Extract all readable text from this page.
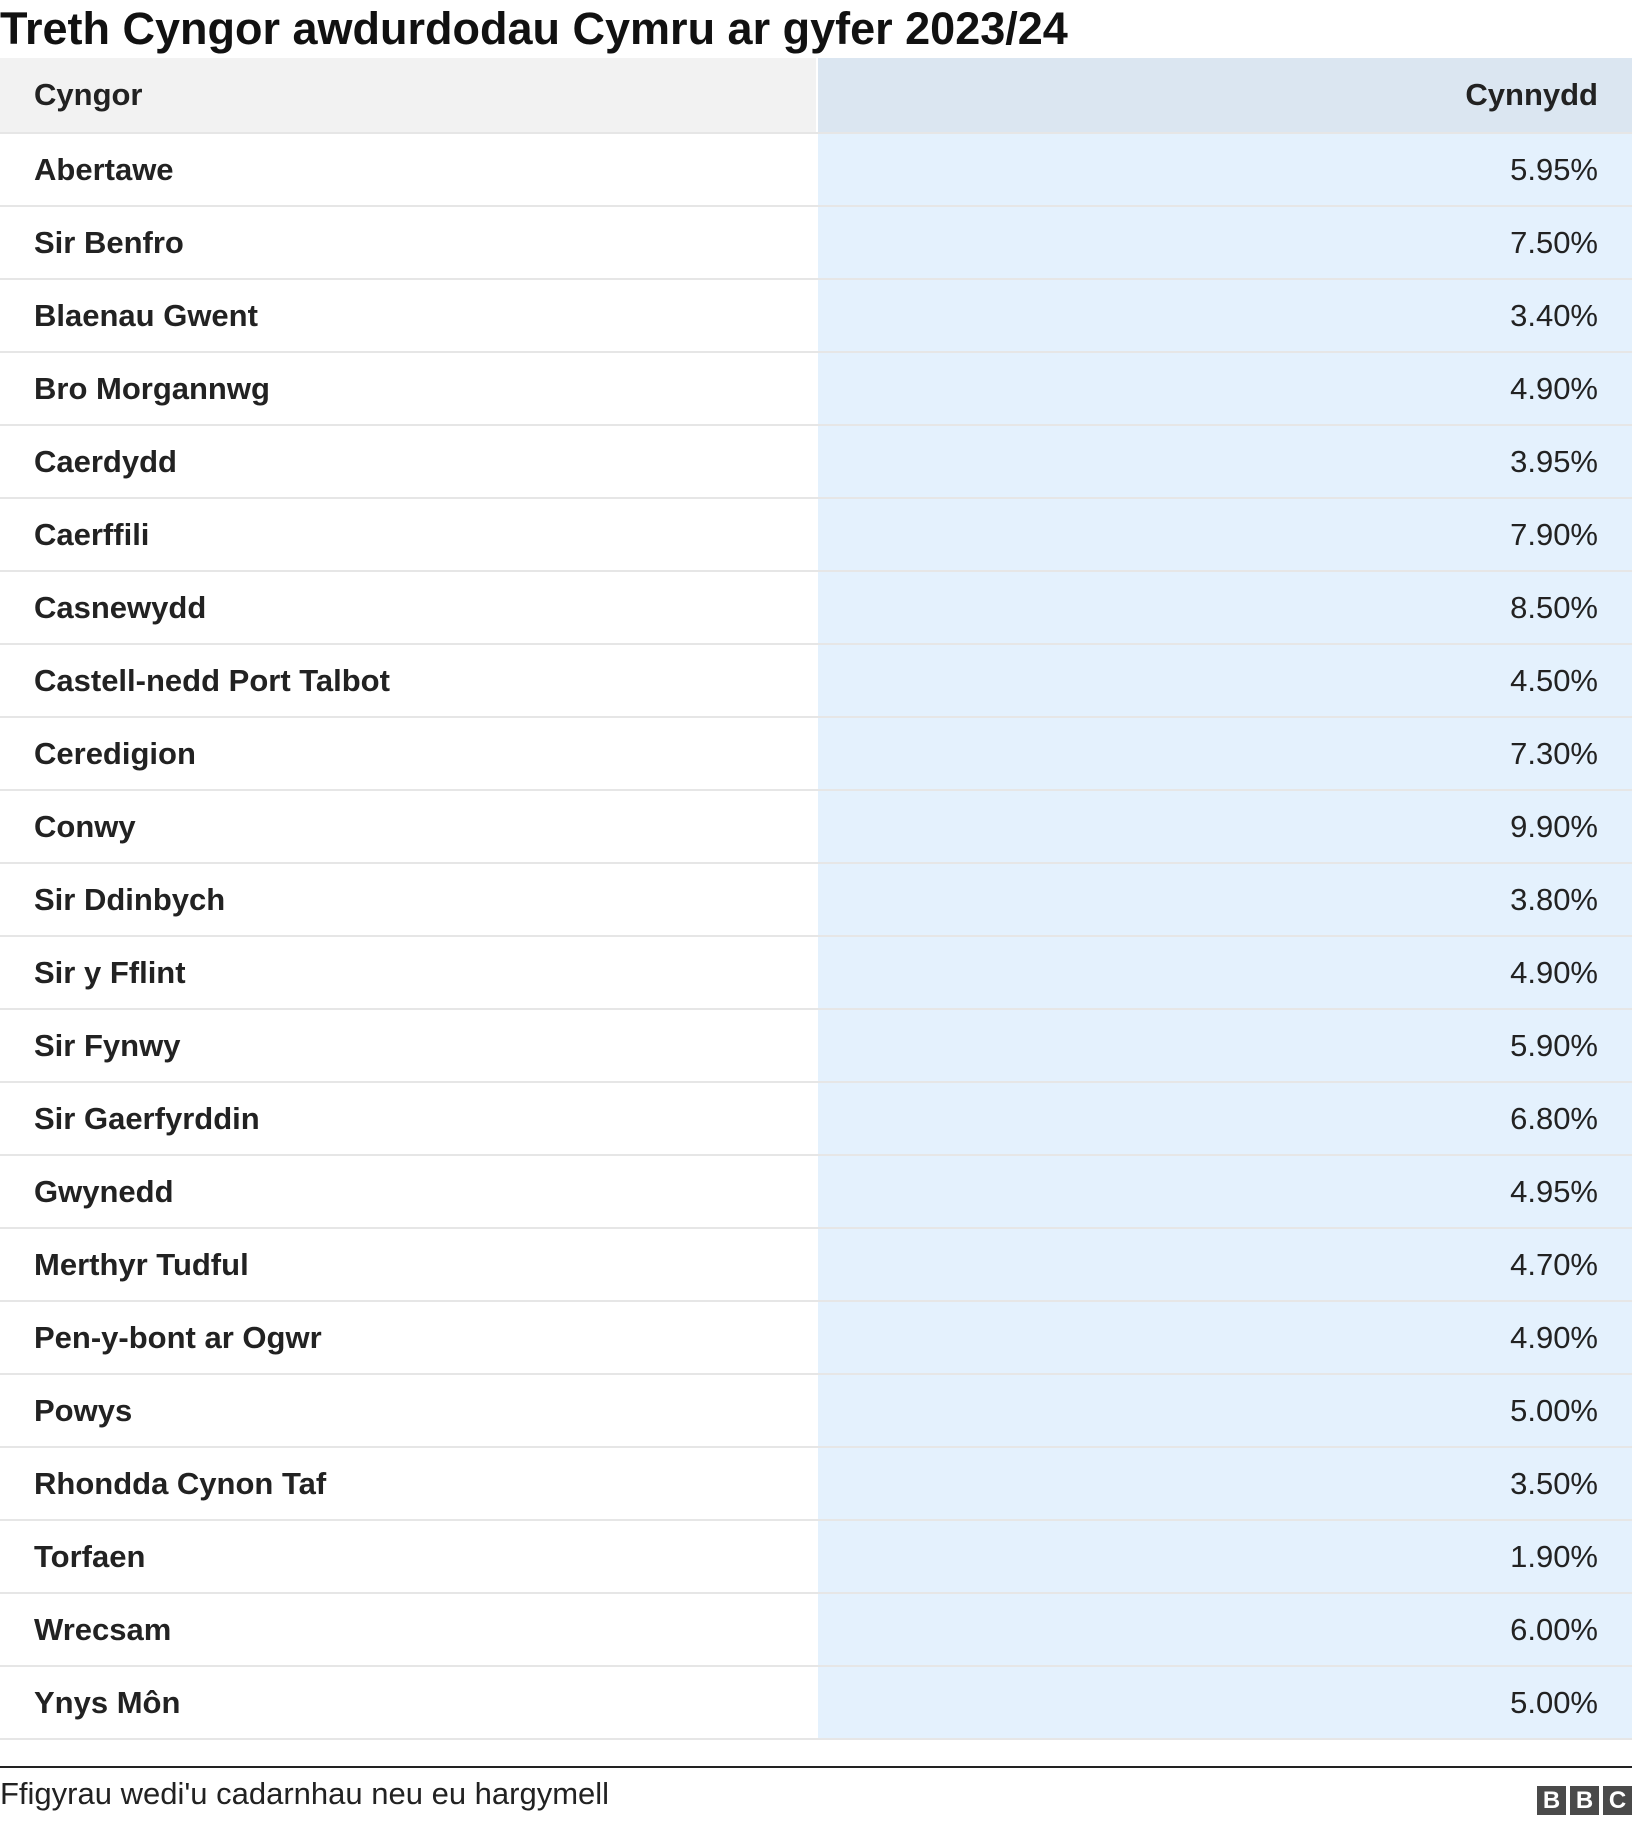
Treth Cyngor awdurdodau Cymru ar gyfer 2023/24
Cyngor	Cynnydd
Abertawe	5.95%
Sir Benfro	7.50%
Blaenau Gwent	3.40%
Bro Morgannwg	4.90%
Caerdydd	3.95%
Caerffili	7.90%
Casnewydd	8.50%
Castell-nedd Port Talbot	4.50%
Ceredigion	7.30%
Conwy	9.90%
Sir Ddinbych	3.80%
Sir y Fflint	4.90%
Sir Fynwy	5.90%
Sir Gaerfyrddin	6.80%
Gwynedd	4.95%
Merthyr Tudful	4.70%
Pen-y-bont ar Ogwr	4.90%
Powys	5.00%
Rhondda Cynon Taf	3.50%
Torfaen	1.90%
Wrecsam	6.00%
Ynys Môn	5.00%
Ffigyrau wedi'u cadarnhau neu eu hargymell	B B C
